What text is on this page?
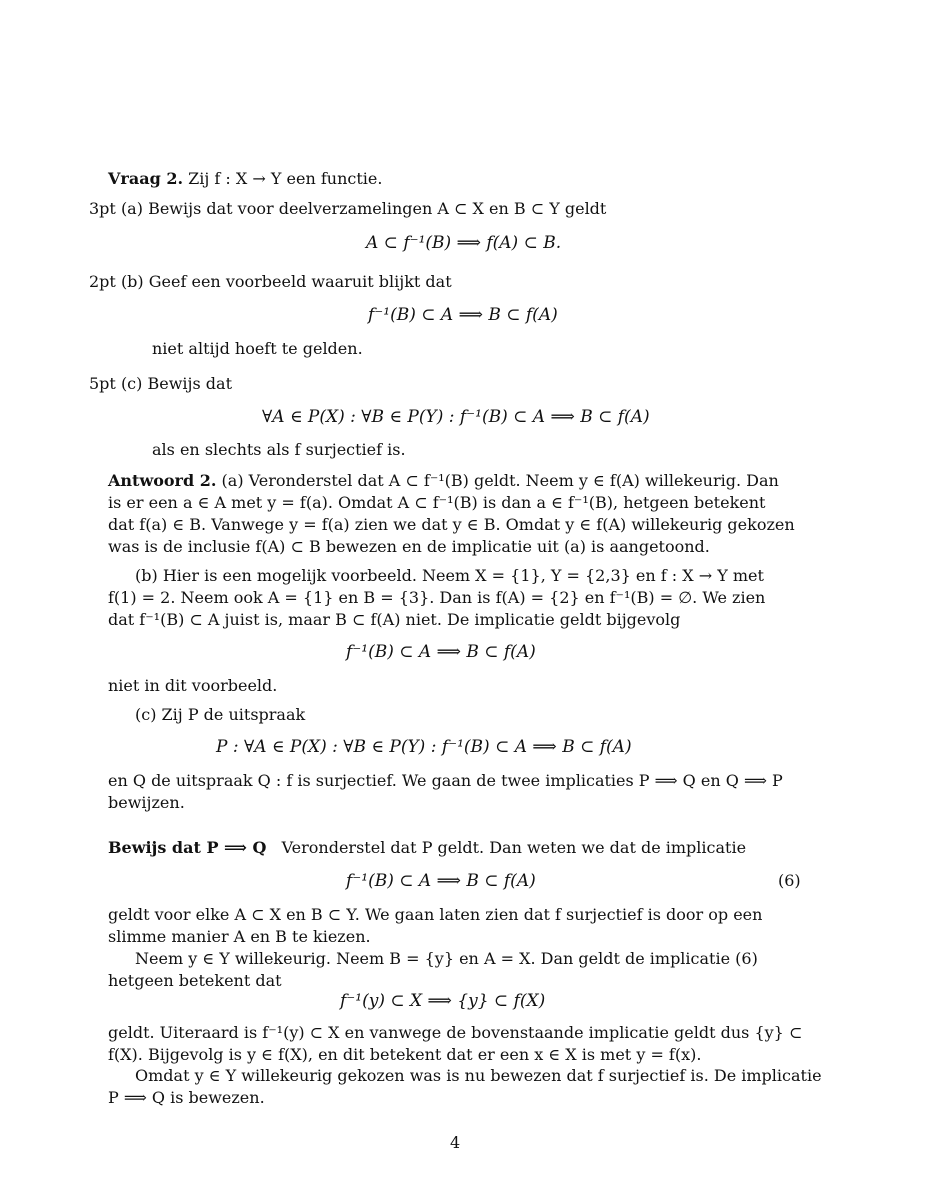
Vraag 2. Zij f : X → Y een functie.
3pt (a) Bewijs dat voor deelverzamelingen A ⊂ X en B ⊂ Y geldt
A ⊂ f⁻¹(B) ⟹ f(A) ⊂ B.
2pt (b) Geef een voorbeeld waaruit blijkt dat
f⁻¹(B) ⊂ A ⟹ B ⊂ f(A)
niet altijd hoeft te gelden.
5pt (c) Bewijs dat
∀A ∈ P(X) : ∀B ∈ P(Y) : f⁻¹(B) ⊂ A ⟹ B ⊂ f(A)
als en slechts als f surjectief is.
Antwoord 2. (a) Veronderstel dat A ⊂ f⁻¹(B) geldt. Neem y ∈ f(A) willekeurig. Dan
is er een a ∈ A met y = f(a). Omdat A ⊂ f⁻¹(B) is dan a ∈ f⁻¹(B), hetgeen betekent
dat f(a) ∈ B. Vanwege y = f(a) zien we dat y ∈ B. Omdat y ∈ f(A) willekeurig gekozen
was is de inclusie f(A) ⊂ B bewezen en de implicatie uit (a) is aangetoond.
(b) Hier is een mogelijk voorbeeld. Neem X = {1}, Y = {2,3} en f : X → Y met
f(1) = 2. Neem ook A = {1} en B = {3}. Dan is f(A) = {2} en f⁻¹(B) = ∅. We zien
dat f⁻¹(B) ⊂ A juist is, maar B ⊂ f(A) niet. De implicatie geldt bijgevolg
f⁻¹(B) ⊂ A ⟹ B ⊂ f(A)
niet in dit voorbeeld.
(c) Zij P de uitspraak
P : ∀A ∈ P(X) : ∀B ∈ P(Y) : f⁻¹(B) ⊂ A ⟹ B ⊂ f(A)
en Q de uitspraak Q : f is surjectief. We gaan de twee implicaties P ⟹ Q en Q ⟹ P
bewijzen.
Bewijs dat P ⟹ Q Veronderstel dat P geldt. Dan weten we dat de implicatie
f⁻¹(B) ⊂ A ⟹ B ⊂ f(A)	(6)
geldt voor elke A ⊂ X en B ⊂ Y. We gaan laten zien dat f surjectief is door op een
slimme manier A en B te kiezen.
Neem y ∈ Y willekeurig. Neem B = {y} en A = X. Dan geldt de implicatie (6)
hetgeen betekent dat
f⁻¹(y) ⊂ X ⟹ {y} ⊂ f(X)
geldt. Uiteraard is f⁻¹(y) ⊂ X en vanwege de bovenstaande implicatie geldt dus {y} ⊂
f(X). Bijgevolg is y ∈ f(X), en dit betekent dat er een x ∈ X is met y = f(x).
Omdat y ∈ Y willekeurig gekozen was is nu bewezen dat f surjectief is. De implicatie
P ⟹ Q is bewezen.
4
